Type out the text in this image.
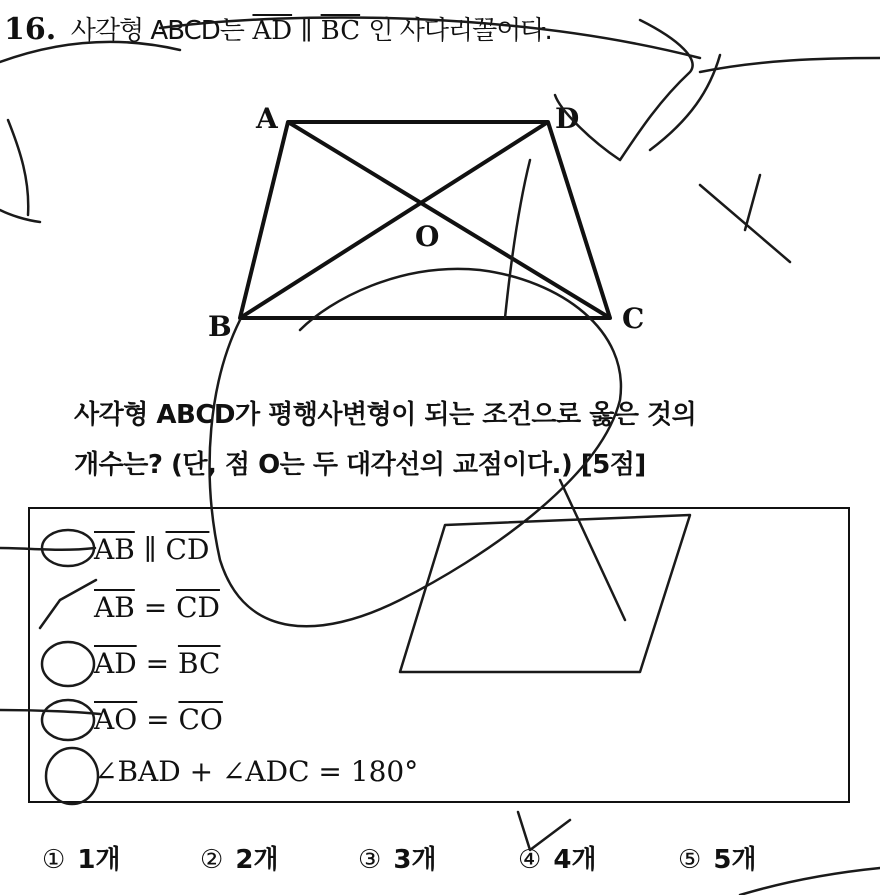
16. 사각형 ABCD는 $\overline{AD}$ ∥ $\overline{BC}$ 인 사다리꼴이다.
A	D
B	C
O

사각형 ABCD가 평행사변형이 되는 조건으로 옳은 것의

개수는? (단, 점 O는 두 대각선의 교점이다.) [5점]

$\overline{AB}$ ∥ $\overline{CD}$
$\overline{AB} = \overline{CD}$
$\overline{AD} = \overline{BC}$
$\overline{AO} = \overline{CO}$
∠BAD + ∠ADC = 180°
① 1개	② 2개	③ 3개	④ 4개	⑤ 5개
